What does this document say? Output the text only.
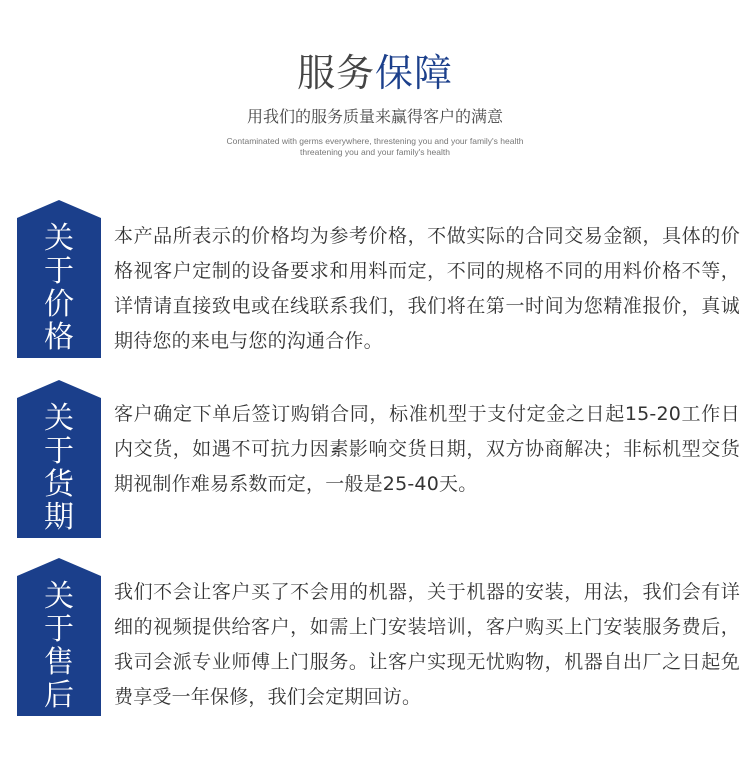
服务保障
用我们的服务质量来赢得客户的满意
Contaminated with germs everywhere, threstening you and your family's health
threatening you and your family's health
关于价格
本产品所表示的价格均为参考价格，不做实际的合同交易金额，具体的价格视客户定制的设备要求和用料而定，不同的规格不同的用料价格不等，详情请直接致电或在线联系我们，我们将在第一时间为您精准报价，真诚期待您的来电与您的沟通合作。
关于货期
客户确定下单后签订购销合同，标准机型于支付定金之日起15-20工作日内交货，如遇不可抗力因素影响交货日期，双方协商解决；非标机型交货期视制作难易系数而定，一般是25-40天。
关于售后
我们不会让客户买了不会用的机器，关于机器的安装，用法，我们会有详细的视频提供给客户，如需上门安装培训，客户购买上门安装服务费后，我司会派专业师傅上门服务。让客户实现无忧购物，机器自出厂之日起免费享受一年保修，我们会定期回访。
